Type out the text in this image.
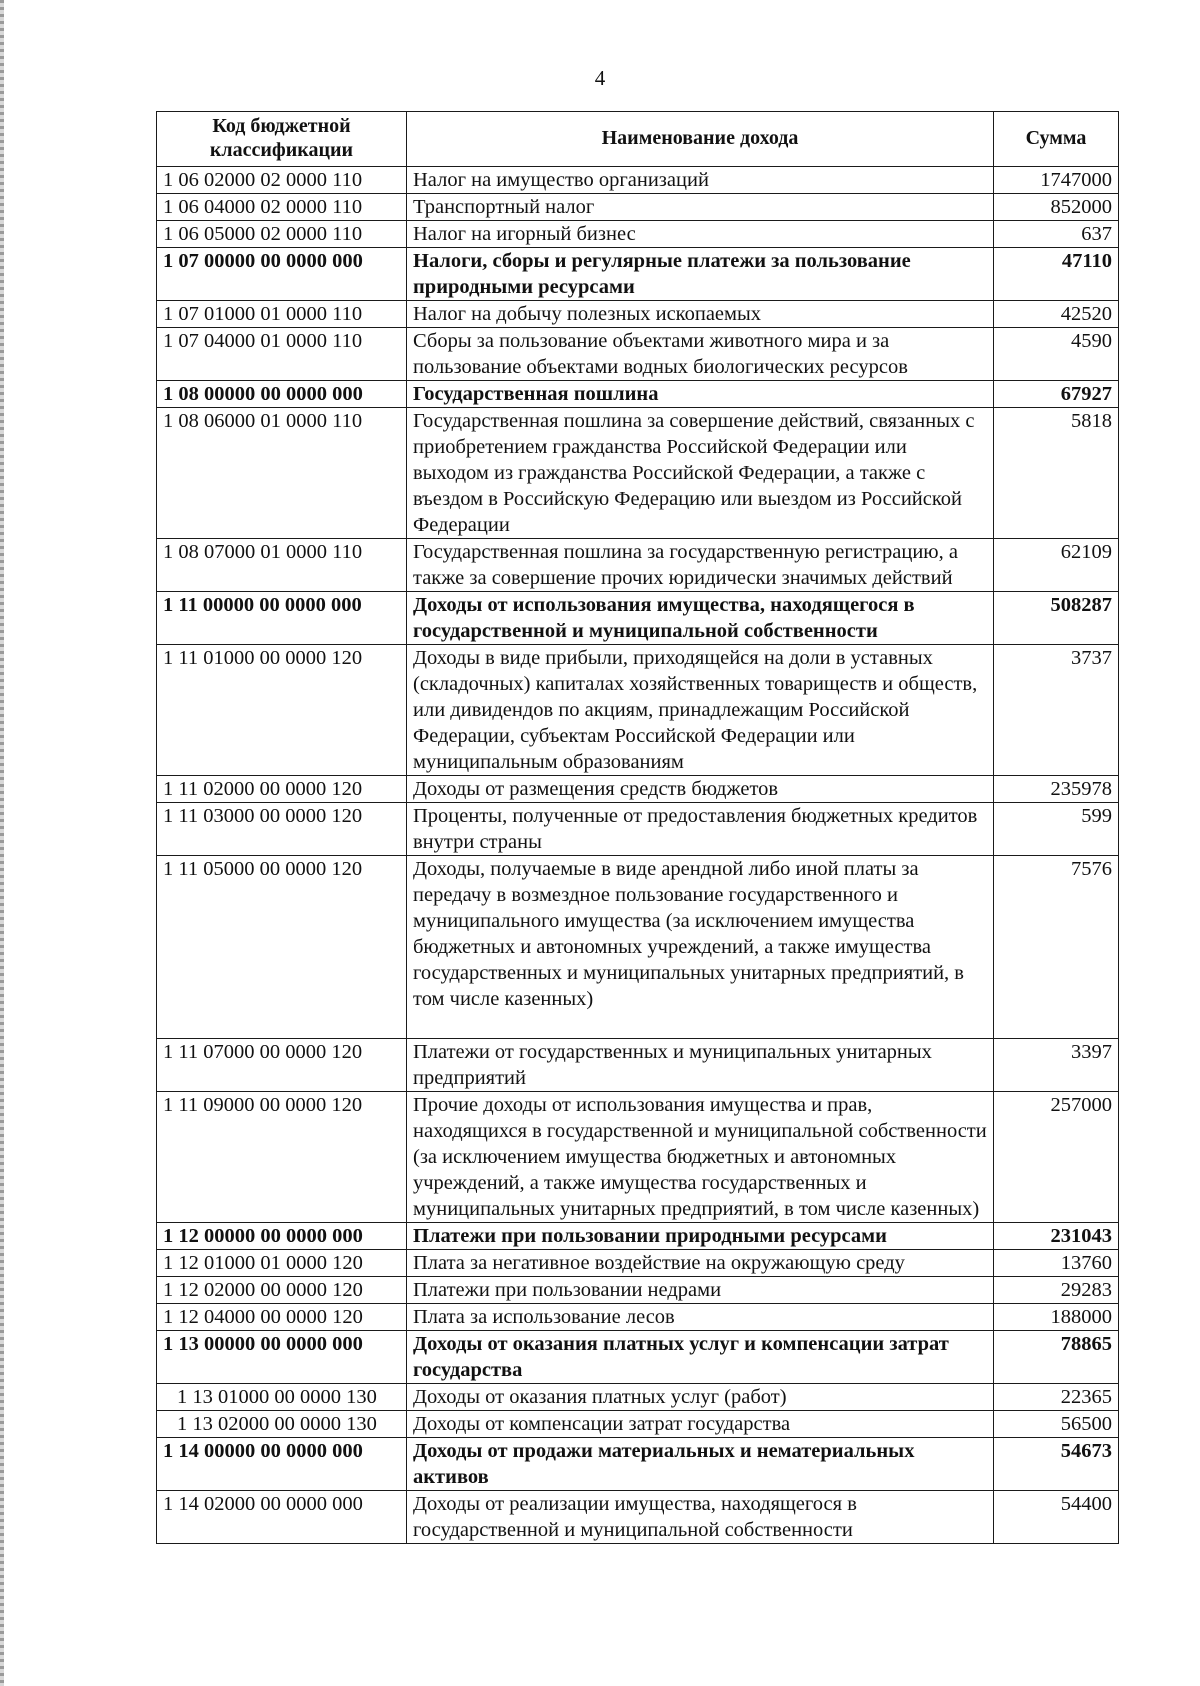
4
Код бюджетной классификации	Наименование дохода	Сумма
1 06 02000 02 0000 110	Налог на имущество организаций	1747000
1 06 04000 02 0000 110	Транспортный налог	852000
1 06 05000 02 0000 110	Налог на игорный бизнес	637
1 07 00000 00 0000 000	Налоги, сборы и регулярные платежи за пользование природными ресурсами	47110
1 07 01000 01 0000 110	Налог на добычу полезных ископаемых	42520
1 07 04000 01 0000 110	Сборы за пользование объектами животного мира и за пользование объектами водных биологических ресурсов	4590
1 08 00000 00 0000 000	Государственная пошлина	67927
1 08 06000 01 0000 110	Государственная пошлина за совершение действий, связанных с приобретением гражданства Российской Федерации или выходом из гражданства Российской Федерации, а также с въездом в Российскую Федерацию или выездом из Российской Федерации	5818
1 08 07000 01 0000 110	Государственная пошлина за государственную регистрацию, а также за совершение прочих юридически значимых действий	62109
1 11 00000 00 0000 000	Доходы от использования имущества, находящегося в государственной и муниципальной собственности	508287
1 11 01000 00 0000 120	Доходы в виде прибыли, приходящейся на доли в уставных (складочных) капиталах хозяйственных товариществ и обществ, или дивидендов по акциям, принадлежащим Российской Федерации, субъектам Российской Федерации или муниципальным образованиям	3737
1 11 02000 00 0000 120	Доходы от размещения средств бюджетов	235978
1 11 03000 00 0000 120	Проценты, полученные от предоставления бюджетных кредитов внутри страны	599
1 11 05000 00 0000 120	Доходы, получаемые в виде арендной либо иной платы за передачу в возмездное пользование государственного и муниципального имущества (за исключением имущества бюджетных и автономных учреждений, а также имущества государственных и муниципальных унитарных предприятий, в том числе казенных)	7576
1 11 07000 00 0000 120	Платежи от государственных и муниципальных унитарных предприятий	3397
1 11 09000 00 0000 120	Прочие доходы от использования имущества и прав, находящихся в государственной и муниципальной собственности (за исключением имущества бюджетных и автономных учреждений, а также имущества государственных и муниципальных унитарных предприятий, в том числе казенных)	257000
1 12 00000 00 0000 000	Платежи при пользовании природными ресурсами	231043
1 12 01000 01 0000 120	Плата за негативное воздействие на окружающую среду	13760
1 12 02000 00 0000 120	Платежи при пользовании недрами	29283
1 12 04000 00 0000 120	Плата за использование лесов	188000
1 13 00000 00 0000 000	Доходы от оказания платных услуг и компенсации затрат государства	78865
1 13 01000 00 0000 130	Доходы от оказания платных услуг (работ)	22365
1 13 02000 00 0000 130	Доходы от компенсации затрат государства	56500
1 14 00000 00 0000 000	Доходы от продажи материальных и нематериальных активов	54673
1 14 02000 00 0000 000	Доходы от реализации имущества, находящегося в государственной и муниципальной собственности	54400
